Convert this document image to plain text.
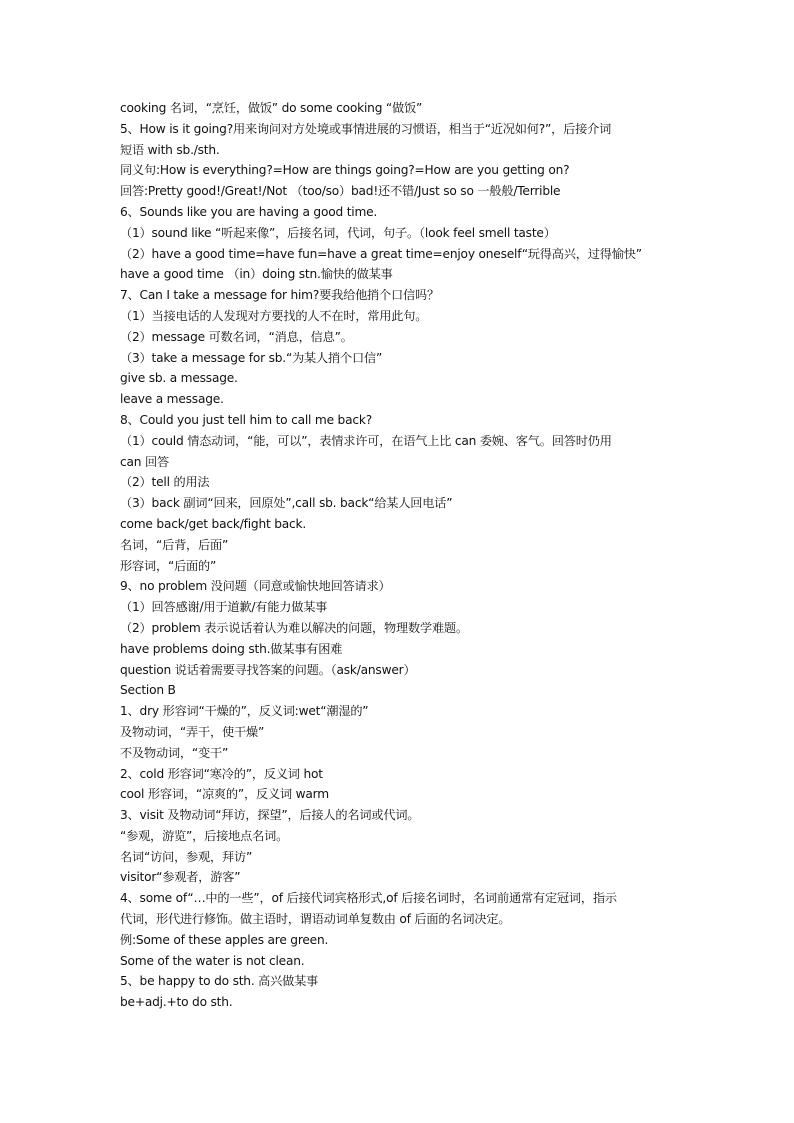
cooking 名词，“烹饪，做饭” do some cooking “做饭”
5、How is it going?用来询问对方处境或事情进展的习惯语，相当于“近况如何?”，后接介词
短语 with sb./sth.
同义句:How is everything?=How are things going?=How are you getting on?
回答:Pretty good!/Great!/Not （too/so）bad!还不错/Just so so 一般般/Terrible
6、Sounds like you are having a good time.
（1）sound like “听起来像”，后接名词，代词，句子。（look feel smell taste）
（2）have a good time=have fun=have a great time=enjoy oneself“玩得高兴，过得愉快”
have a good time （in）doing stn.愉快的做某事
7、Can I take a message for him?要我给他捎个口信吗？
（1）当接电话的人发现对方要找的人不在时，常用此句。
（2）message 可数名词，“消息，信息”。
（3）take a message for sb.“为某人捎个口信”
give sb. a message.
leave a message.
8、Could you just tell him to call me back?
（1）could 情态动词，“能，可以”，表情求许可，在语气上比 can 委婉、客气。回答时仍用
can 回答
（2）tell 的用法
（3）back 副词“回来，回原处”,call sb. back“给某人回电话”
come back/get back/fight back.
名词，“后背，后面”
形容词，“后面的”
9、no problem 没问题（同意或愉快地回答请求）
（1）回答感谢/用于道歉/有能力做某事
（2）problem 表示说话着认为难以解决的问题，物理数学难题。
have problems doing sth.做某事有困难
question 说话着需要寻找答案的问题。（ask/answer）
Section B
1、dry 形容词“干燥的”，反义词:wet“潮湿的”
及物动词，“弄干，使干燥”
不及物动词，“变干”
2、cold 形容词“寒冷的”，反义词 hot
cool 形容词，“凉爽的”，反义词 warm
3、visit 及物动词“拜访，探望”，后接人的名词或代词。
“参观，游览”，后接地点名词。
名词“访问，参观，拜访”
visitor“参观者，游客”
4、some of“…中的一些”，of 后接代词宾格形式,of 后接名词时，名词前通常有定冠词，指示
代词，形代进行修饰。做主语时，谓语动词单复数由 of 后面的名词决定。
例:Some of these apples are green.
Some of the water is not clean.
5、be happy to do sth. 高兴做某事
be+adj.+to do sth.
